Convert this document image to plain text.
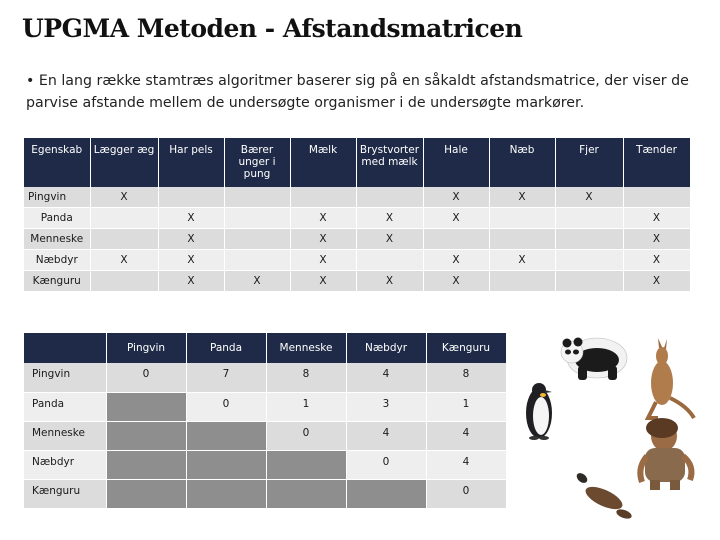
UPGMA Metoden - Afstandsmatricen
• En lang række stamtræs algoritmer baserer sig på en såkaldt afstandsmatrice, der viser de parvise afstande mellem de undersøgte organismer i de undersøgte markører.
Egenskab	Lægger æg	Har pels	Bærer unger i pung	Mælk	Brystvorter med mælk	Hale	Næb	Fjer	Tænder
Pingvin	X					X	X	X	
Panda		X		X	X	X			X
Menneske		X		X	X				X
Næbdyr	X	X		X		X	X		X
Kænguru		X	X	X	X	X			X
	Pingvin	Panda	Menneske	Næbdyr	Kænguru
Pingvin	0	7	8	4	8
Panda		0	1	3	1
Menneske			0	4	4
Næbdyr				0	4
Kænguru					0
